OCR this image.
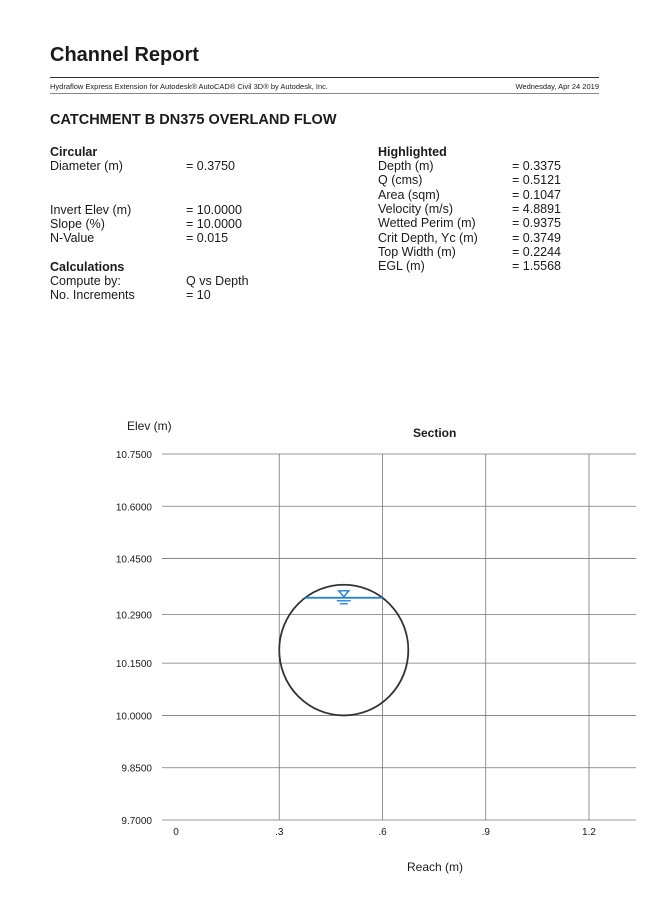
Channel Report
Hydraflow Express Extension for Autodesk® AutoCAD® Civil 3D® by Autodesk, Inc.	Wednesday, Apr 24 2019
CATCHMENT B DN375 OVERLAND FLOW
Circular
Diameter (m)	= 0.3750
Invert Elev (m)	= 10.0000
Slope (%)	= 10.0000
N-Value	= 0.015
Calculations
Compute by:	Q vs Depth
No. Increments	= 10
Highlighted
Depth (m)	= 0.3375
Q (cms)	= 0.5121
Area (sqm)	= 0.1047
Velocity (m/s)	= 4.8891
Wetted Perim (m)	= 0.9375
Crit Depth, Yc (m)	= 0.3749
Top Width (m)	= 0.2244
EGL (m)	= 1.5568
Elev (m)	Section
Reach (m)
10.7500
10.6000
10.4500
10.2900
10.1500
10.0000
9.8500
9.7000
0	.3	.6	.9	1.2
